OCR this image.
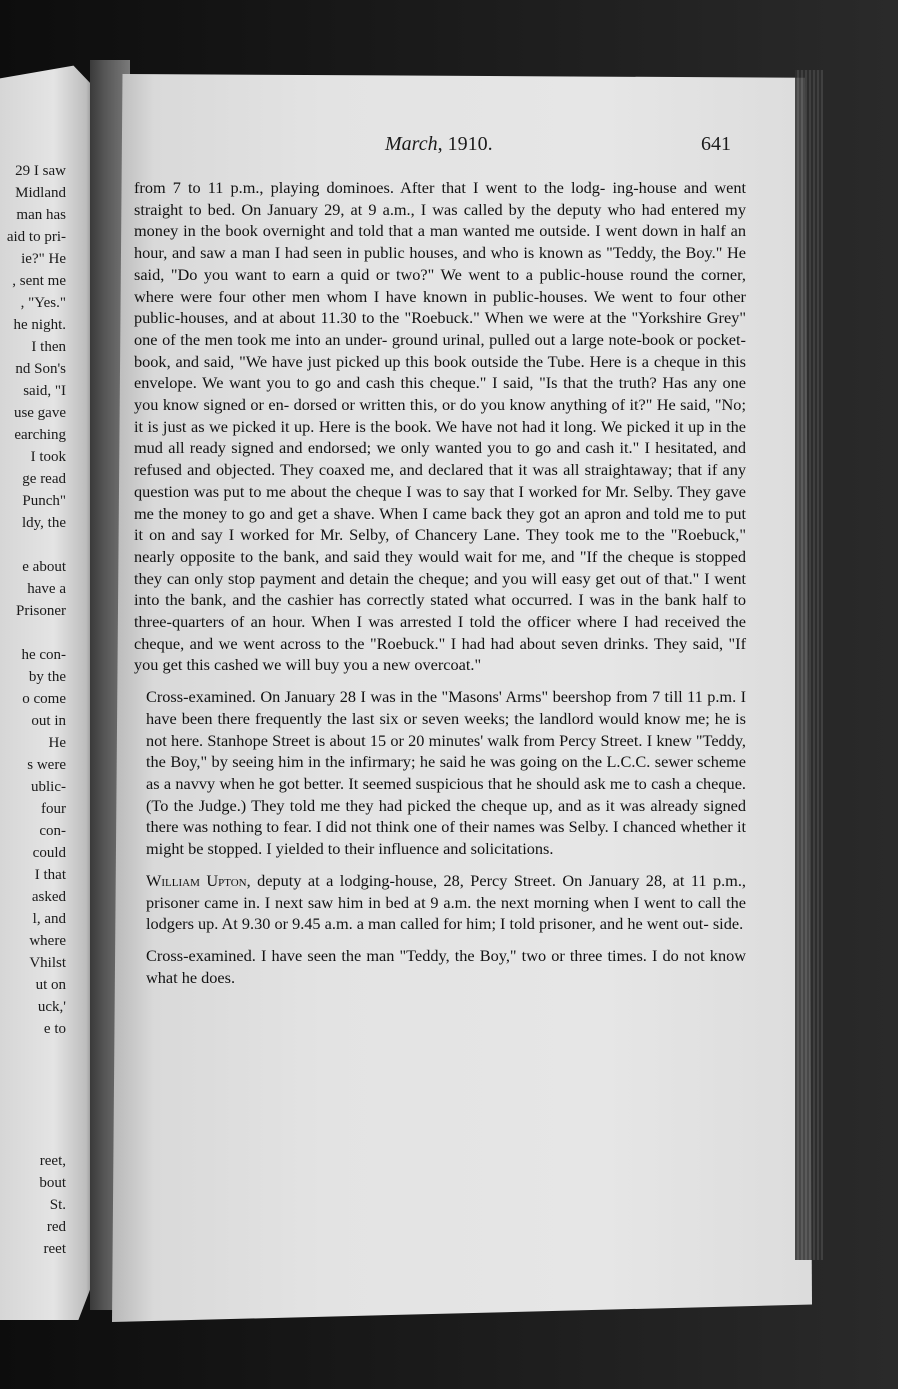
29 I saw
Midland
man has
aid to pri-
ie?" He
, sent me
, "Yes."
he night.
I then
nd Son's
said, "I
use gave
earching
I took
ge read
Punch"
ldy, the

e about
have a
Prisoner

he con-
by the
o come
out in
He
s were
ublic-
four
con-
could
I that
asked
l, and
where
Vhilst
ut on
uck,'
e to

reet,
bout
St.
red
reet
March, 1910.	641

from 7 to 11 p.m., playing dominoes. After that I went to the lodg- ing-house and went straight to bed. On January 29, at 9 a.m., I was called by the deputy who had entered my money in the book overnight and told that a man wanted me outside. I went down in half an hour, and saw a man I had seen in public houses, and who is known as "Teddy, the Boy." He said, "Do you want to earn a quid or two?" We went to a public-house round the corner, where were four other men whom I have known in public-houses. We went to four other public-houses, and at about 11.30 to the "Roebuck." When we were at the "Yorkshire Grey" one of the men took me into an under- ground urinal, pulled out a large note-book or pocket-book, and said, "We have just picked up this book outside the Tube. Here is a cheque in this envelope. We want you to go and cash this cheque." I said, "Is that the truth? Has any one you know signed or en- dorsed or written this, or do you know anything of it?" He said, "No; it is just as we picked it up. Here is the book. We have not had it long. We picked it up in the mud all ready signed and endorsed; we only wanted you to go and cash it." I hesitated, and refused and objected. They coaxed me, and declared that it was all straightaway; that if any question was put to me about the cheque I was to say that I worked for Mr. Selby. They gave me the money to go and get a shave. When I came back they got an apron and told me to put it on and say I worked for Mr. Selby, of Chancery Lane. They took me to the "Roebuck," nearly opposite to the bank, and said they would wait for me, and "If the cheque is stopped they can only stop payment and detain the cheque; and you will easy get out of that." I went into the bank, and the cashier has correctly stated what occurred. I was in the bank half to three-quarters of an hour. When I was arrested I told the officer where I had received the cheque, and we went across to the "Roebuck." I had had about seven drinks. They said, "If you get this cashed we will buy you a new overcoat."

Cross-examined. On January 28 I was in the "Masons' Arms" beershop from 7 till 11 p.m. I have been there frequently the last six or seven weeks; the landlord would know me; he is not here. Stanhope Street is about 15 or 20 minutes' walk from Percy Street. I knew "Teddy, the Boy," by seeing him in the infirmary; he said he was going on the L.C.C. sewer scheme as a navvy when he got better. It seemed suspicious that he should ask me to cash a cheque. (To the Judge.) They told me they had picked the cheque up, and as it was already signed there was nothing to fear. I did not think one of their names was Selby. I chanced whether it might be stopped. I yielded to their influence and solicitations.

William Upton, deputy at a lodging-house, 28, Percy Street. On January 28, at 11 p.m., prisoner came in. I next saw him in bed at 9 a.m. the next morning when I went to call the lodgers up. At 9.30 or 9.45 a.m. a man called for him; I told prisoner, and he went out- side.

Cross-examined. I have seen the man "Teddy, the Boy," two or three times. I do not know what he does.
